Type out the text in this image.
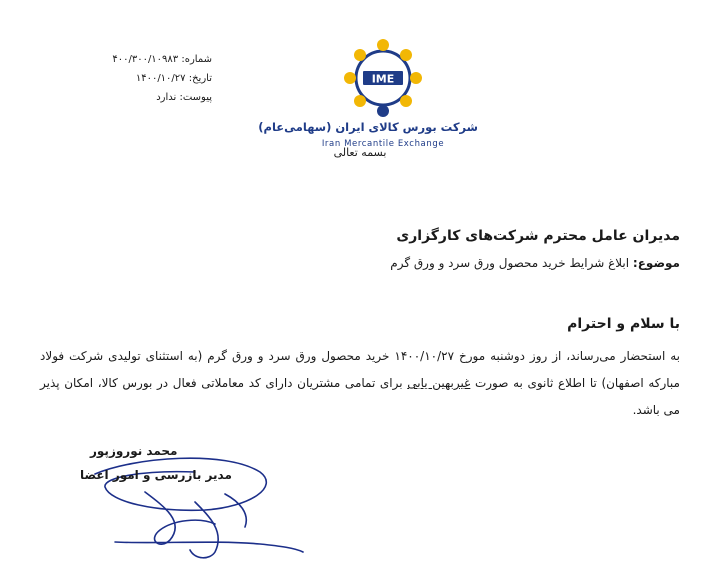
شماره: ۴۰۰/۳۰۰/۱۰۹۸۳
تاریخ: ۱۴۰۰/۱۰/۲۷
پیوست: ندارد
IME
شرکت بورس کالای ایران (سهامی‌عام)
Iran Mercantile Exchange
بسمه تعالی
مدیران عامل محترم شرکت‌های کارگزاری
موضوع: ابلاغ شرایط خرید محصول ورق سرد و ورق گرم
با سلام و احترام
به استحضار می‌رساند، از روز دوشنبه مورخ ۱۴۰۰/۱۰/۲۷ خرید محصول ورق سرد و ورق گرم (به استثنای تولیدی شرکت فولاد مبارکه اصفهان) تا اطلاع ثانوی به صورت غیربهین یابی برای تمامی مشتریان دارای کد معاملاتی فعال در بورس کالا، امکان پذیر می باشد.
محمد نوروزپور
مدیر بازرسی و امور اعضا
